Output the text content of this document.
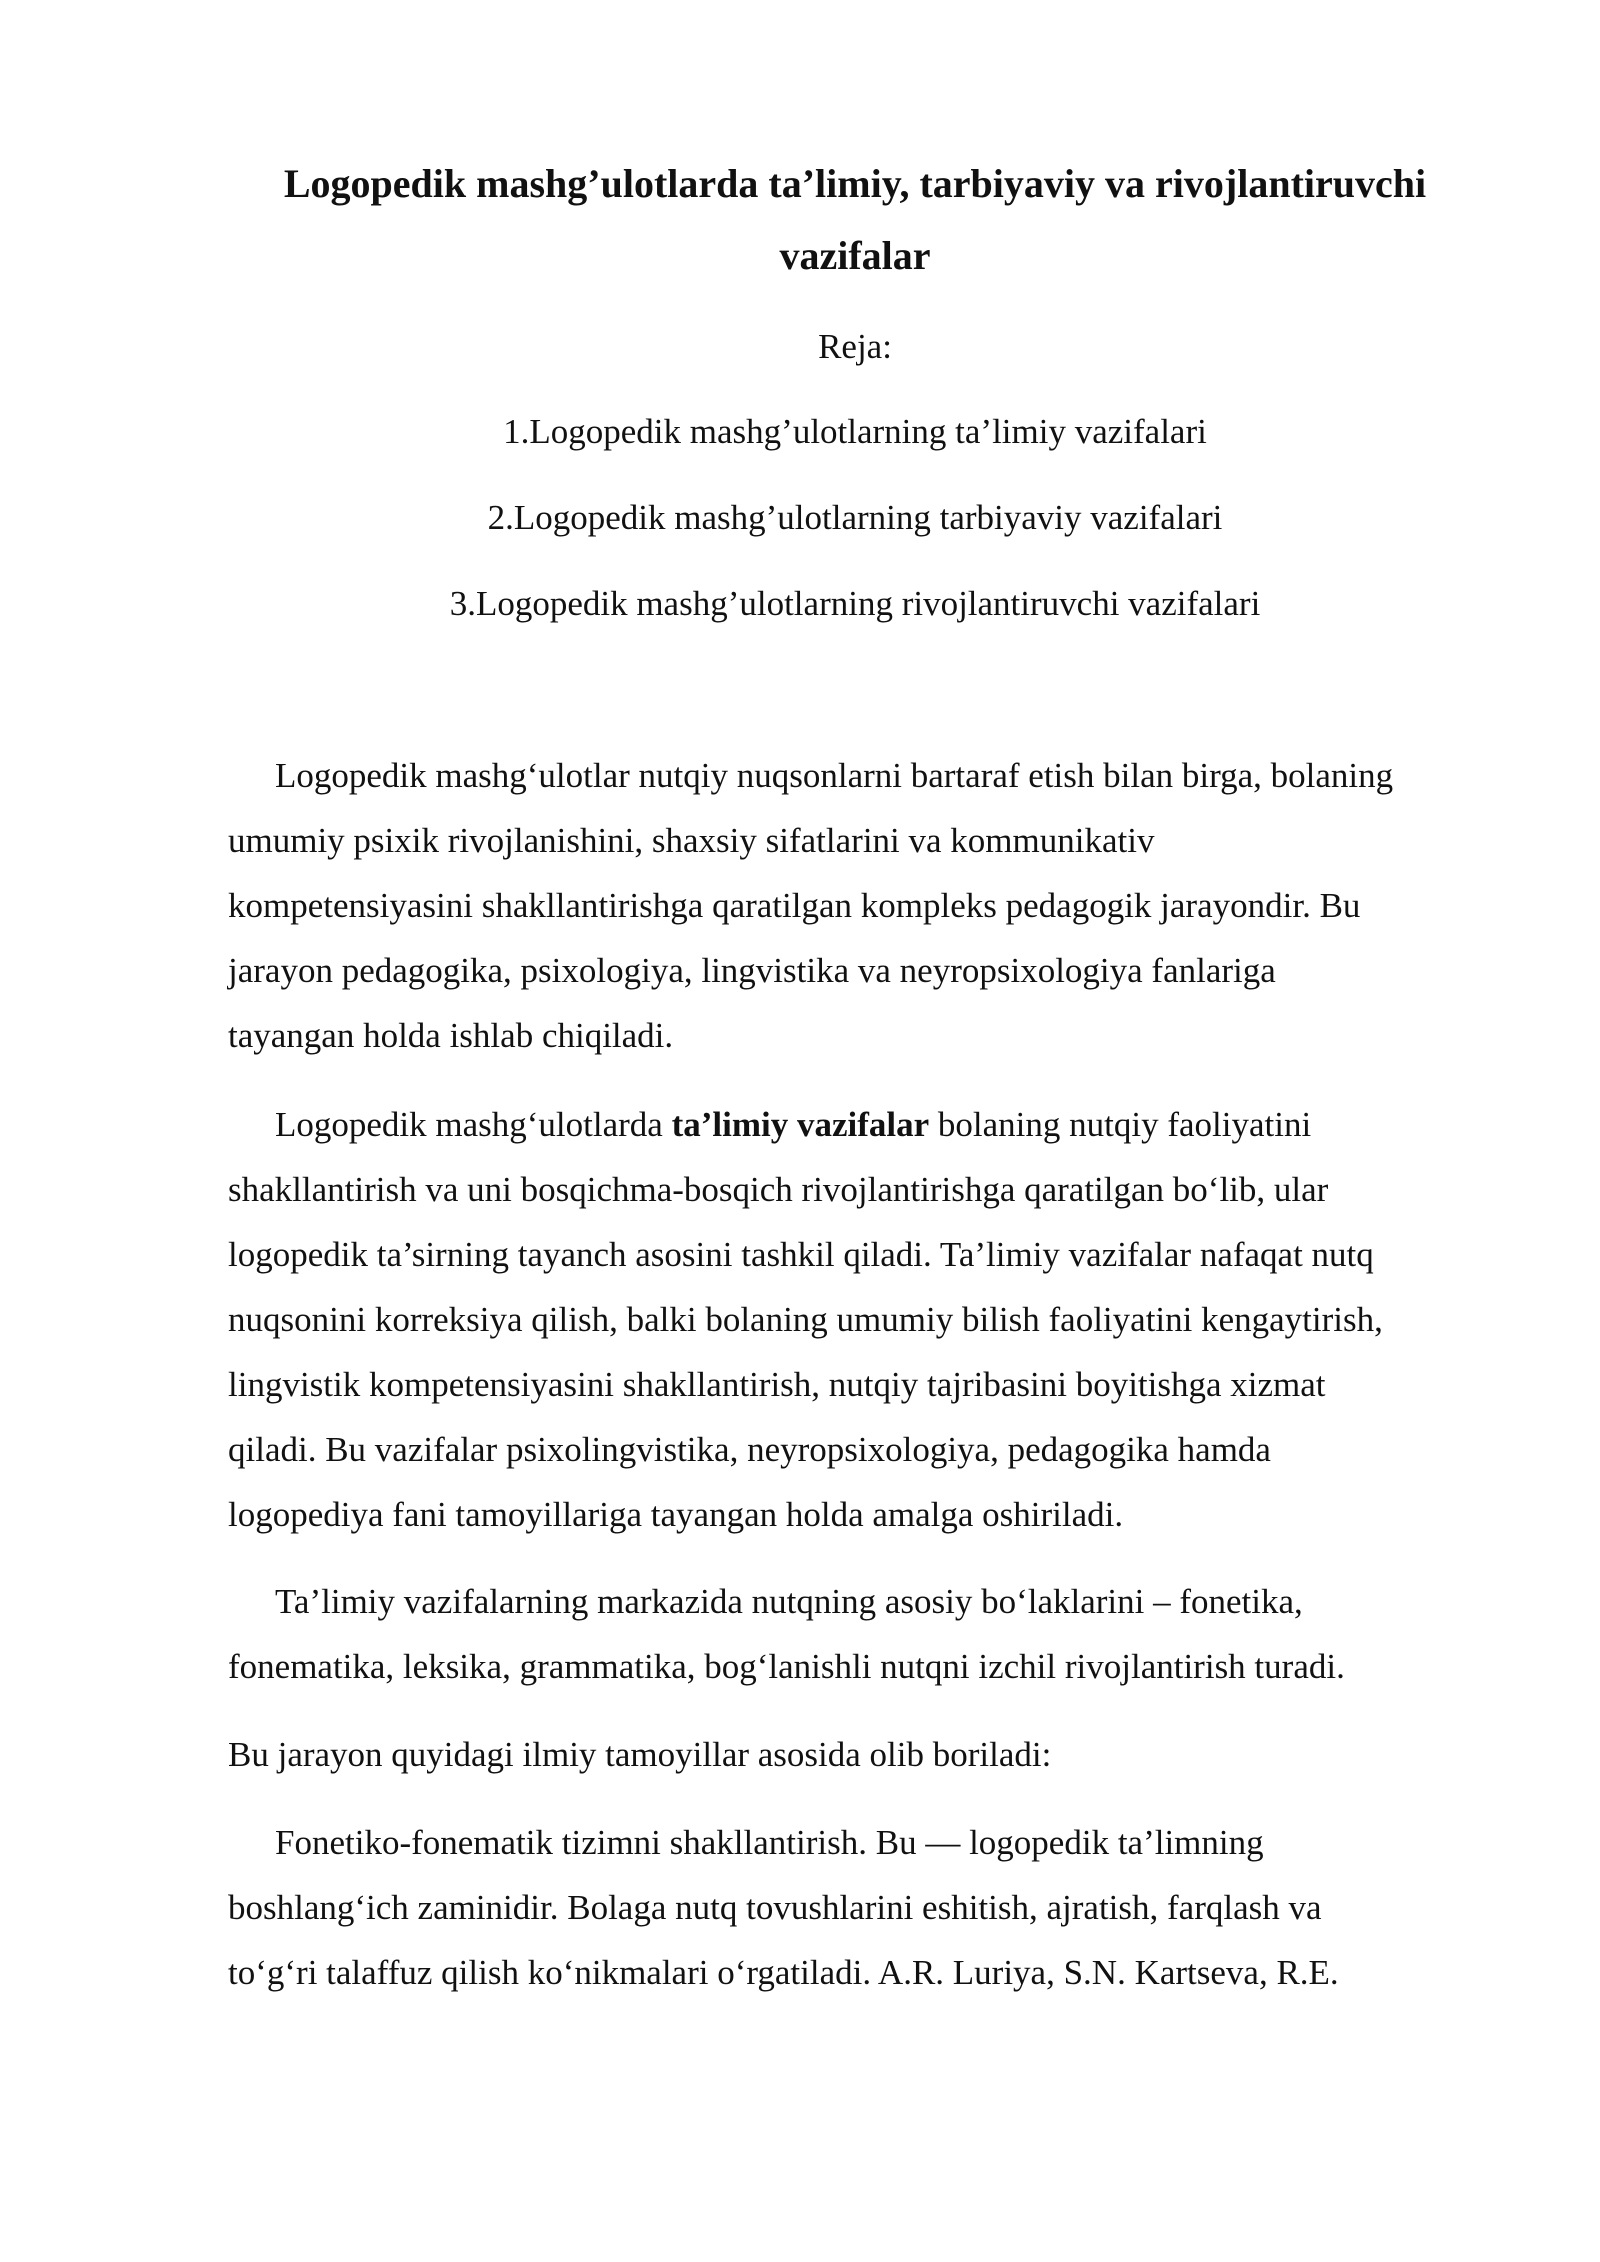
Logopedik mashg’ulotlarda ta’limiy, tarbiyaviy va rivojlantiruvchi vazifalar

Reja:

1.Logopedik mashg’ulotlarning ta’limiy vazifalari

2.Logopedik mashg’ulotlarning tarbiyaviy vazifalari

3.Logopedik mashg’ulotlarning rivojlantiruvchi vazifalari

Logopedik mashg‘ulotlar nutqiy nuqsonlarni bartaraf etish bilan birga, bolaning
umumiy psixik rivojlanishini, shaxsiy sifatlarini va kommunikativ
kompetensiyasini shakllantirishga qaratilgan kompleks pedagogik jarayondir. Bu
jarayon pedagogika, psixologiya, lingvistika va neyropsixologiya fanlariga
tayangan holda ishlab chiqiladi.
Logopedik mashg‘ulotlarda ta’limiy vazifalar bolaning nutqiy faoliyatini
shakllantirish va uni bosqichma-bosqich rivojlantirishga qaratilgan bo‘lib, ular
logopedik ta’sirning tayanch asosini tashkil qiladi. Ta’limiy vazifalar nafaqat nutq
nuqsonini korreksiya qilish, balki bolaning umumiy bilish faoliyatini kengaytirish,
lingvistik kompetensiyasini shakllantirish, nutqiy tajribasini boyitishga xizmat
qiladi. Bu vazifalar psixolingvistika, neyropsixologiya, pedagogika hamda
logopediya fani tamoyillariga tayangan holda amalga oshiriladi.
Ta’limiy vazifalarning markazida nutqning asosiy bo‘laklarini – fonetika,
fonematika, leksika, grammatika, bog‘lanishli nutqni izchil rivojlantirish turadi.
Bu jarayon quyidagi ilmiy tamoyillar asosida olib boriladi:
Fonetiko-fonematik tizimni shakllantirish. Bu — logopedik ta’limning
boshlang‘ich zaminidir. Bolaga nutq tovushlarini eshitish, ajratish, farqlash va
to‘g‘ri talaffuz qilish ko‘nikmalari o‘rgatiladi. A.R. Luriya, S.N. Kartseva, R.E.
